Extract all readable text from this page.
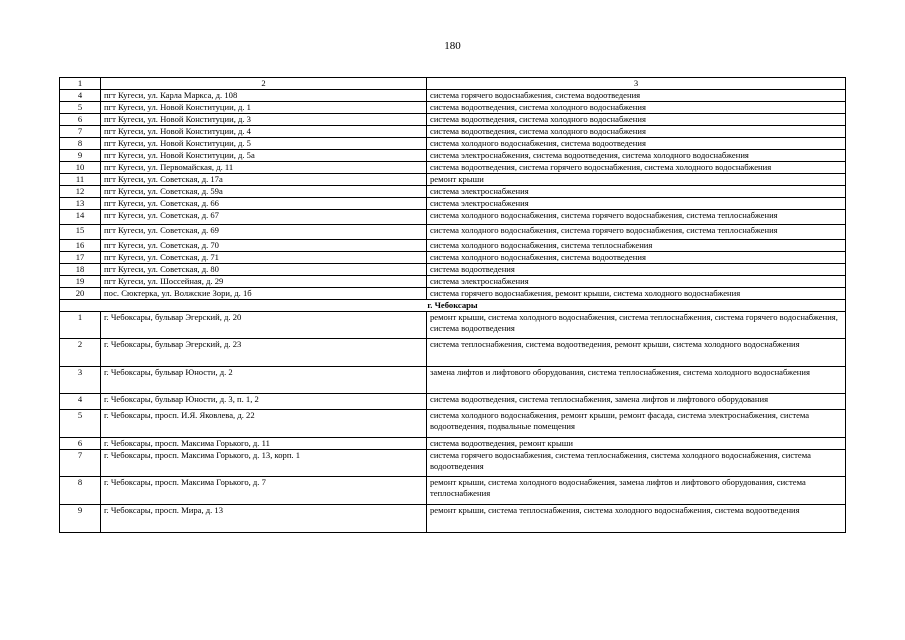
180
1	2	3
4	пгт Кугеси, ул. Карла Маркса, д. 108	система горячего водоснабжения, система водоотведения
5	пгт Кугеси, ул. Новой Конституции, д. 1	система водоотведения, система холодного водоснабжения
6	пгт Кугеси, ул. Новой Конституции, д. 3	система водоотведения, система холодного водоснабжения
7	пгт Кугеси, ул. Новой Конституции, д. 4	система водоотведения, система холодного водоснабжения
8	пгт Кугеси, ул. Новой Конституции, д. 5	система холодного водоснабжения, система водоотведения
9	пгт Кугеси, ул. Новой Конституции, д. 5а	система электроснабжения, система водоотведения, система холодного водоснабжения
10	пгт Кугеси, ул. Первомайская, д. 11	система водоотведения, система горячего водоснабжения, система холодного водоснабжения
11	пгт Кугеси, ул. Советская, д. 17а	ремонт крыши
12	пгт Кугеси, ул. Советская, д. 59а	система электроснабжения
13	пгт Кугеси, ул. Советская, д. 66	система электроснабжения
14	пгт Кугеси, ул. Советская, д. 67	система холодного водоснабжения, система горячего водоснабжения, система теплоснабжения
15	пгт Кугеси, ул. Советская, д. 69	система холодного водоснабжения, система горячего водоснабжения, система теплоснабжения
16	пгт Кугеси, ул. Советская, д. 70	система холодного водоснабжения, система теплоснабжения
17	пгт Кугеси, ул. Советская, д. 71	система холодного водоснабжения, система водоотведения
18	пгт Кугеси, ул. Советская, д. 80	система водоотведения
19	пгт Кугеси, ул. Шоссейная, д. 29	система электроснабжения
20	пос. Сюктерка, ул. Волжские Зори, д. 1б	система горячего водоснабжения, ремонт крыши, система холодного водоснабжения
г. Чебоксары		
1	г. Чебоксары, бульвар Эгерский, д. 20	ремонт крыши, система холодного водоснабжения, система теплоснабжения, система горячего водоснабжения, система водоотведения
2	г. Чебоксары, бульвар Эгерский, д. 23	система теплоснабжения, система водоотведения, ремонт крыши, система холодного водоснабжения
3	г. Чебоксары, бульвар Юности, д. 2	замена лифтов и лифтового оборудования, система теплоснабжения, система холодного водоснабжения
4	г. Чебоксары, бульвар Юности, д. 3, п. 1, 2	система водоотведения, система теплоснабжения, замена лифтов и лифтового оборудования
5	г. Чебоксары, просп. И.Я. Яковлева, д. 22	система холодного водоснабжения, ремонт крыши, ремонт фасада, система электроснабжения, система водоотведения, подвальные помещения
6	г. Чебоксары, просп. Максима Горького, д. 11	система водоотведения, ремонт крыши
7	г. Чебоксары, просп. Максима Горького, д. 13, корп. 1	система горячего водоснабжения, система теплоснабжения, система холодного водоснабжения, система водоотведения
8	г. Чебоксары, просп. Максима Горького, д. 7	ремонт крыши, система холодного водоснабжения, замена лифтов и лифтового оборудования, система теплоснабжения
9	г. Чебоксары, просп. Мира, д. 13	ремонт крыши, система теплоснабжения, система холодного водоснабжения, система водоотведения
